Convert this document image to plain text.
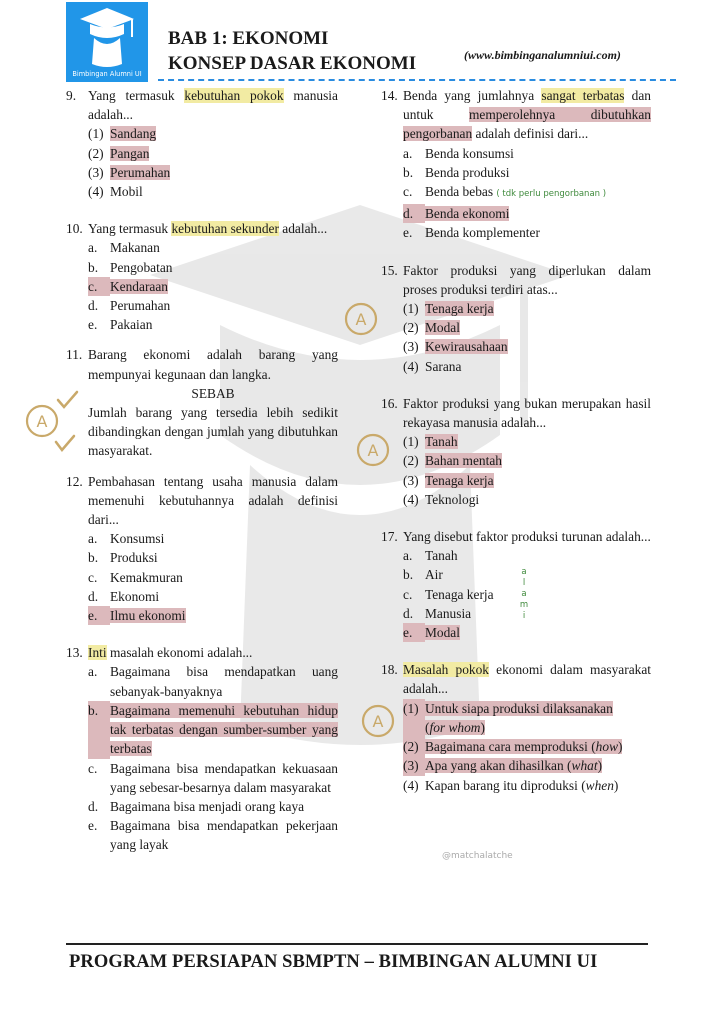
Bimbingan Alumni UI
BAB 1: EKONOMI
KONSEP DASAR EKONOMI	(www.bimbinganalumniui.com)
9. Yang termasuk kebutuhan pokok manusia adalah...
(1) Sandang
(2) Pangan
(3) Perumahan
(4) Mobil
10. Yang termasuk kebutuhan sekunder adalah...
a. Makanan
b. Pengobatan
c. Kendaraan
d. Perumahan
e. Pakaian
11. Barang ekonomi adalah barang yang mempunyai kegunaan dan langka.
SEBAB
Jumlah barang yang tersedia lebih sedikit dibandingkan dengan jumlah yang dibutuhkan masyarakat.
12. Pembahasan tentang usaha manusia dalam memenuhi kebutuhannya adalah definisi dari...
a. Konsumsi
b. Produksi
c. Kemakmuran
d. Ekonomi
e. Ilmu ekonomi
13. Inti masalah ekonomi adalah...
a. Bagaimana bisa mendapatkan uang sebanyak-banyaknya
b. Bagaimana memenuhi kebutuhan hidup tak terbatas dengan sumber-sumber yang terbatas
c. Bagaimana bisa mendapatkan kekuasaan yang sebesar-besarnya dalam masyarakat
d. Bagaimana bisa menjadi orang kaya
e. Bagaimana bisa mendapatkan pekerjaan yang layak
14. Benda yang jumlahnya sangat terbatas dan untuk memperolehnya dibutuhkan pengorbanan adalah definisi dari...
a. Benda konsumsi
b. Benda produksi
c. Benda bebas ( tdk perlu pengorbanan )
d. Benda ekonomi
e. Benda komplementer
15. Faktor produksi yang diperlukan dalam proses produksi terdiri atas...
(1) Tenaga kerja
(2) Modal
(3) Kewirausahaan
(4) Sarana
16. Faktor produksi yang bukan merupakan hasil rekayasa manusia adalah...
(1) Tanah
(2) Bahan mentah
(3) Tenaga kerja
(4) Teknologi
17. Yang disebut faktor produksi turunan adalah...
a. Tanah
b. Air
c. Tenaga kerja
d. Manusia
e. Modal
18. Masalah pokok ekonomi dalam masyarakat adalah...
(1) Untuk siapa produksi dilaksanakan
(for whom)
(2) Bagaimana cara memproduksi (how)
(3) Apa yang akan dihasilkan (what)
(4) Kapan barang itu diproduksi (when)
A
A
A
A
a
l
a
m
i
@matchalatche
PROGRAM PERSIAPAN SBMPTN – BIMBINGAN ALUMNI UI
